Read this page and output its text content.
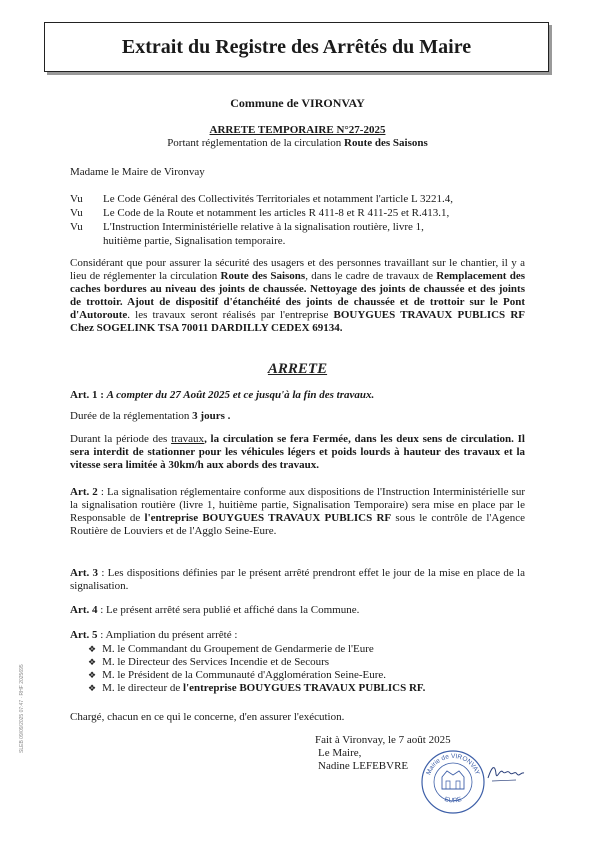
Extrait du Registre des Arrêtés du Maire
Commune de VIRONVAY
ARRETE TEMPORAIRE N°27-2025
Portant réglementation de la circulation Route des Saisons
Madame le Maire de Vironvay
Vu Le Code Général des Collectivités Territoriales et notamment l'article L 3221.4,
Vu Le Code de la Route et notamment les articles R 411-8 et R 411-25 et R.413.1,
Vu L'Instruction Interministérielle relative à la signalisation routière, livre 1,
huitième partie, Signalisation temporaire.
Considérant que pour assurer la sécurité des usagers et des personnes travaillant sur le chantier, il y a lieu de réglementer la circulation Route des Saisons, dans le cadre de travaux de Remplacement des caches bordures au niveau des joints de chaussée. Nettoyage des joints de chaussée et des joints de trottoir. Ajout de dispositif d'étanchéité des joints de chaussée et de trottoir sur le Pont d'Autoroute. les travaux seront réalisés par l'entreprise BOUYGUES TRAVAUX PUBLICS RF Chez SOGELINK TSA 70011 DARDILLY CEDEX 69134.
ARRETE
Art. 1 : A compter du 27 Août 2025 et ce jusqu'à la fin des travaux.
Durée de la réglementation 3 jours .
Durant la période des travaux, la circulation se fera Fermée, dans les deux sens de circulation. Il sera interdit de stationner pour les véhicules légers et poids lourds à hauteur des travaux et la vitesse sera limitée à 30km/h aux abords des travaux.
Art. 2 : La signalisation réglementaire conforme aux dispositions de l'Instruction Interministérielle sur la signalisation routière (livre 1, huitième partie, Signalisation Temporaire) sera mise en place par le Responsable de l'entreprise BOUYGUES TRAVAUX PUBLICS RF sous le contrôle de l'Agence Routière de Louviers et de l'Agglo Seine-Eure.
Art. 3 : Les dispositions définies par le présent arrêté prendront effet le jour de la mise en place de la signalisation.
Art. 4 : Le présent arrêté sera publié et affiché dans la Commune.
Art. 5 : Ampliation du présent arrêté :
❖ M. le Commandant du Groupement de Gendarmerie de l'Eure
❖ M. le Directeur des Services Incendie et de Secours
❖ M. le Président de la Communauté d'Agglomération Seine-Eure.
❖ M. le directeur de l'entreprise BOUYGUES TRAVAUX PUBLICS RF.
Chargé, chacun en ce qui le concerne, d'en assurer l'exécution.
Fait à Vironvay, le 7 août 2025
Le Maire,
Nadine LEFEBVRE
Mairie de VIRONVAY
EURE
SLEB 09/09/2025 07:47 · RHF 2025695
